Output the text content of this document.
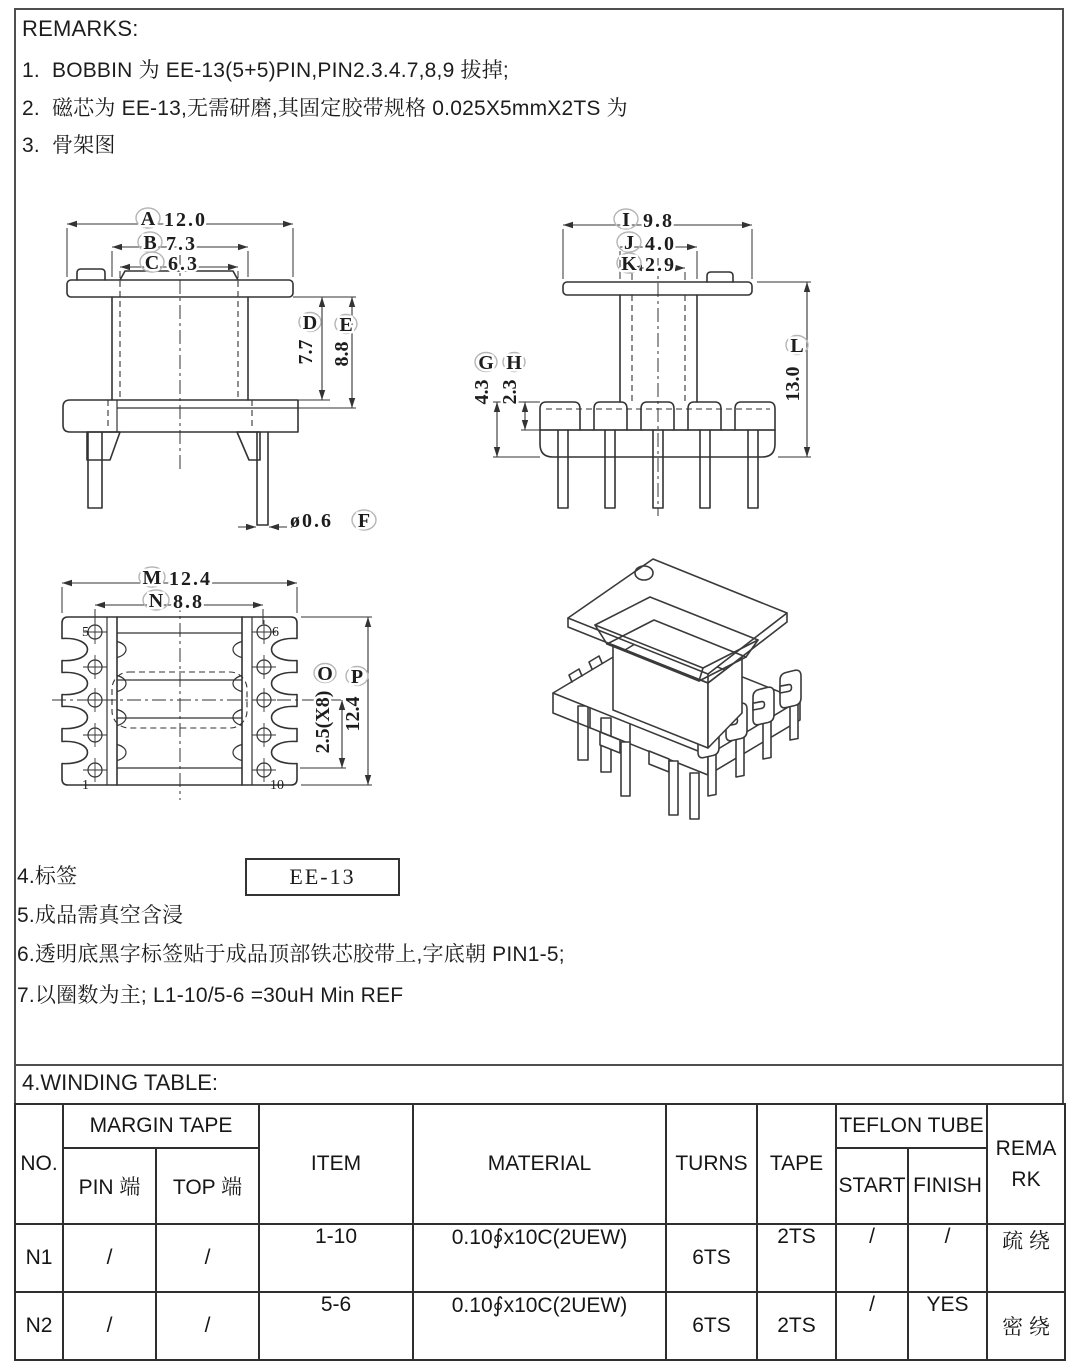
REMARKS:
1.  BOBBIN 为 EE-13(5+5)PIN,PIN2.3.4.7,8,9 拔掉;
2.  磁芯为 EE-13,无需研磨,其固定胶带规格 0.025X5mmX2TS 为
3.  骨架图
A 12.0
B 7.3
C 6.3
D
7.7
E
8.8
ø0.6 F
I 9.8
J 4.0
K 2.9
G
4.3
H
2.3
L
13.0
M 12.4
N 8.8
O
2.5(X8)
P
12.4
5	6
1	10
4.标签	EE-13
5.成品需真空含浸
6.透明底黑字标签贴于成品顶部铁芯胶带上,字底朝 PIN1-5;
7.以圈数为主; L1-10/5-6 =30uH Min REF
4.WINDING TABLE:
NO.	MARGIN TAPE		ITEM	MATERIAL	TURNS	TAPE	TEFLON TUBE		REMARK
	PIN 端	TOP 端					START	FINISH	
N1	/	/	1-10	0.10∮x10C(2UEW)	6TS	2TS	/	/	疏 绕
N2	/	/	5-6	0.10∮x10C(2UEW)	6TS	2TS	/	YES	密 绕
